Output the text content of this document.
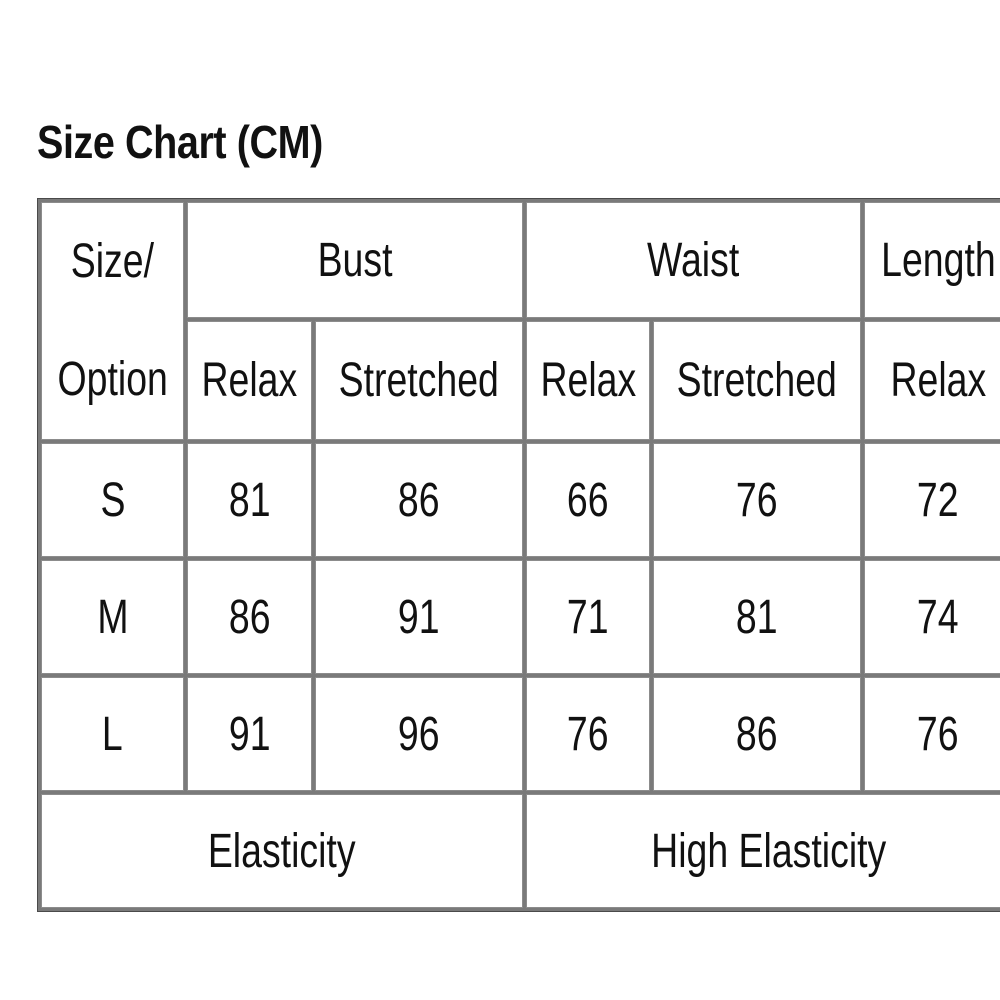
Size Chart (CM)
Size/
Option	Bust		Waist		Length
	Relax	Stretched	Relax	Stretched	Relax
S	81	86	66	76	72
M	86	91	71	81	74
L	91	96	76	86	76
Elasticity			High Elasticity		
